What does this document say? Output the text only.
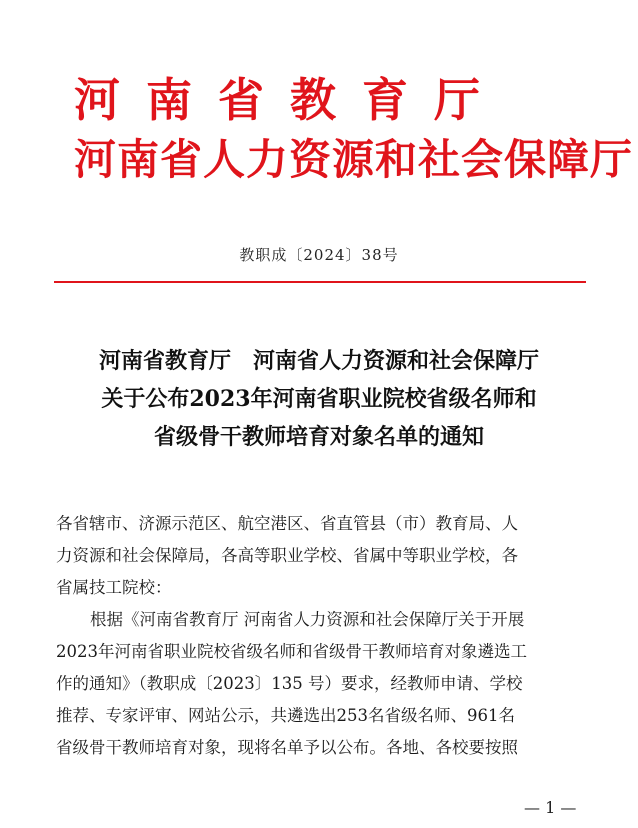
河南省教育厅
河南省人力资源和社会保障厅
教职成〔2024〕38号
河南省教育厅　河南省人力资源和社会保障厅
关于公布2023年河南省职业院校省级名师和
省级骨干教师培育对象名单的通知
各省辖市、济源示范区、航空港区、省直管县（市）教育局、人
力资源和社会保障局，各高等职业学校、省属中等职业学校，各
省属技工院校：
根据《河南省教育厅 河南省人力资源和社会保障厅关于开展
2023年河南省职业院校省级名师和省级骨干教师培育对象遴选工
作的通知》（教职成〔2023〕135 号）要求，经教师申请、学校
推荐、专家评审、网站公示，共遴选出253名省级名师、961名
省级骨干教师培育对象，现将名单予以公布。各地、各校要按照
— 1 —
